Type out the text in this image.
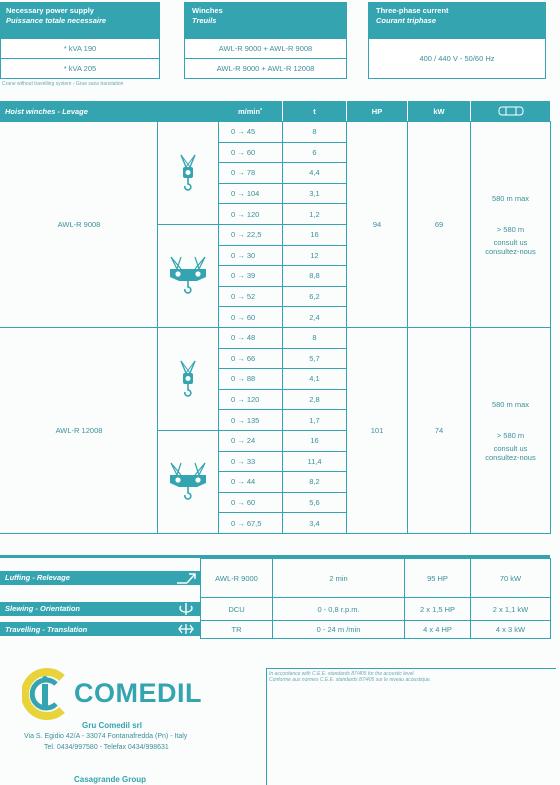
Necessary power supply
Puissance totale necessaire
* kVA 190
* kVA 205
Crane without travelling system - Grue sans translation
Winches
Treuils
AWL-R 9000 + AWL-R 9008
AWL-R 9000 + AWL-R 12008
Three-phase current
Courant triphase
400 / 440 V - 50/60 Hz
Hoist winches - Levage	m/min *	t	HP	kW
AWL-R 9008	94	69
580 m max
> 580 m
consult us
consultez-nous
0 → 45	8
0 → 60	6
0 → 78	4,4
0 → 104	3,1
0 → 120	1,2
0 → 22,5	16
0 → 30	12
0 → 39	8,8
0 → 52	6,2
0 → 60	2,4
AWL-R 12008	101	74
580 m max
> 580 m
consult us
consultez-nous
0 → 48	8
0 → 66	5,7
0 → 88	4,1
0 → 120	2,8
0 → 135	1,7
0 → 24	16
0 → 33	11,4
0 → 44	8,2
0 → 60	5,6
0 → 67,5	3,4
Luffing - Relevage	AWL-R 9000	2 min	95 HP	70 kW
Slewing - Orientation	DCU	0 - 0,8 r.p.m.	2 x 1,5 HP	2 x 1,1 kW
Travelling - Translation	TR	0 - 24 m /min	4 x 4 HP	4 x 3 kW
COMEDIL
Gru Comedil srl
Via S. Egidio 42/A - 33074 Fontanafredda (Pn) - Italy
Tel. 0434/997580 - Telefax 0434/998631
Casagrande Group
In accordance with C.E.E. standards 87/405 for the acoustic level.
Conforme aux normes C.E.E. standards 87/405 sur le niveau acoustique.
